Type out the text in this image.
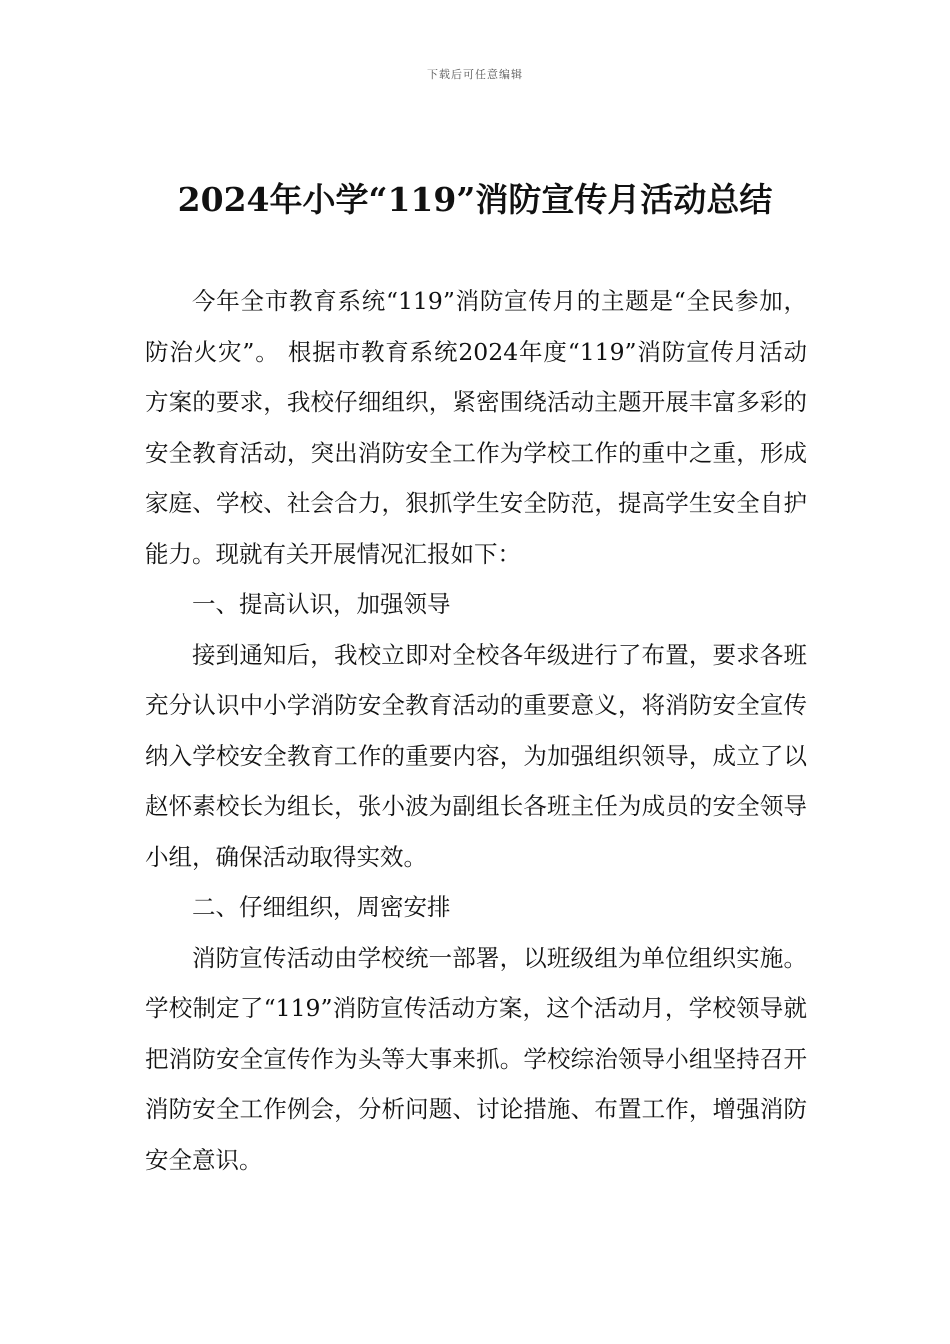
下载后可任意编辑
2024年小学“119”消防宣传月活动总结

今年全市教育系统“119”消防宣传月的主题是“全民参加，防治火灾”。 根据市教育系统2024年度“119”消防宣传月活动方案的要求，我校仔细组织，紧密围绕活动主题开展丰富多彩的安全教育活动，突出消防安全工作为学校工作的重中之重，形成家庭、学校、社会合力，狠抓学生安全防范，提高学生安全自护能力。现就有关开展情况汇报如下：

一、提高认识，加强领导

接到通知后，我校立即对全校各年级进行了布置，要求各班充分认识中小学消防安全教育活动的重要意义，将消防安全宣传纳入学校安全教育工作的重要内容，为加强组织领导，成立了以赵怀素校长为组长，张小波为副组长各班主任为成员的安全领导小组，确保活动取得实效。

二、仔细组织，周密安排

消防宣传活动由学校统一部署，以班级组为单位组织实施。学校制定了“119”消防宣传活动方案，这个活动月，学校领导就把消防安全宣传作为头等大事来抓。学校综治领导小组坚持召开消防安全工作例会，分析问题、讨论措施、布置工作，增强消防安全意识。
